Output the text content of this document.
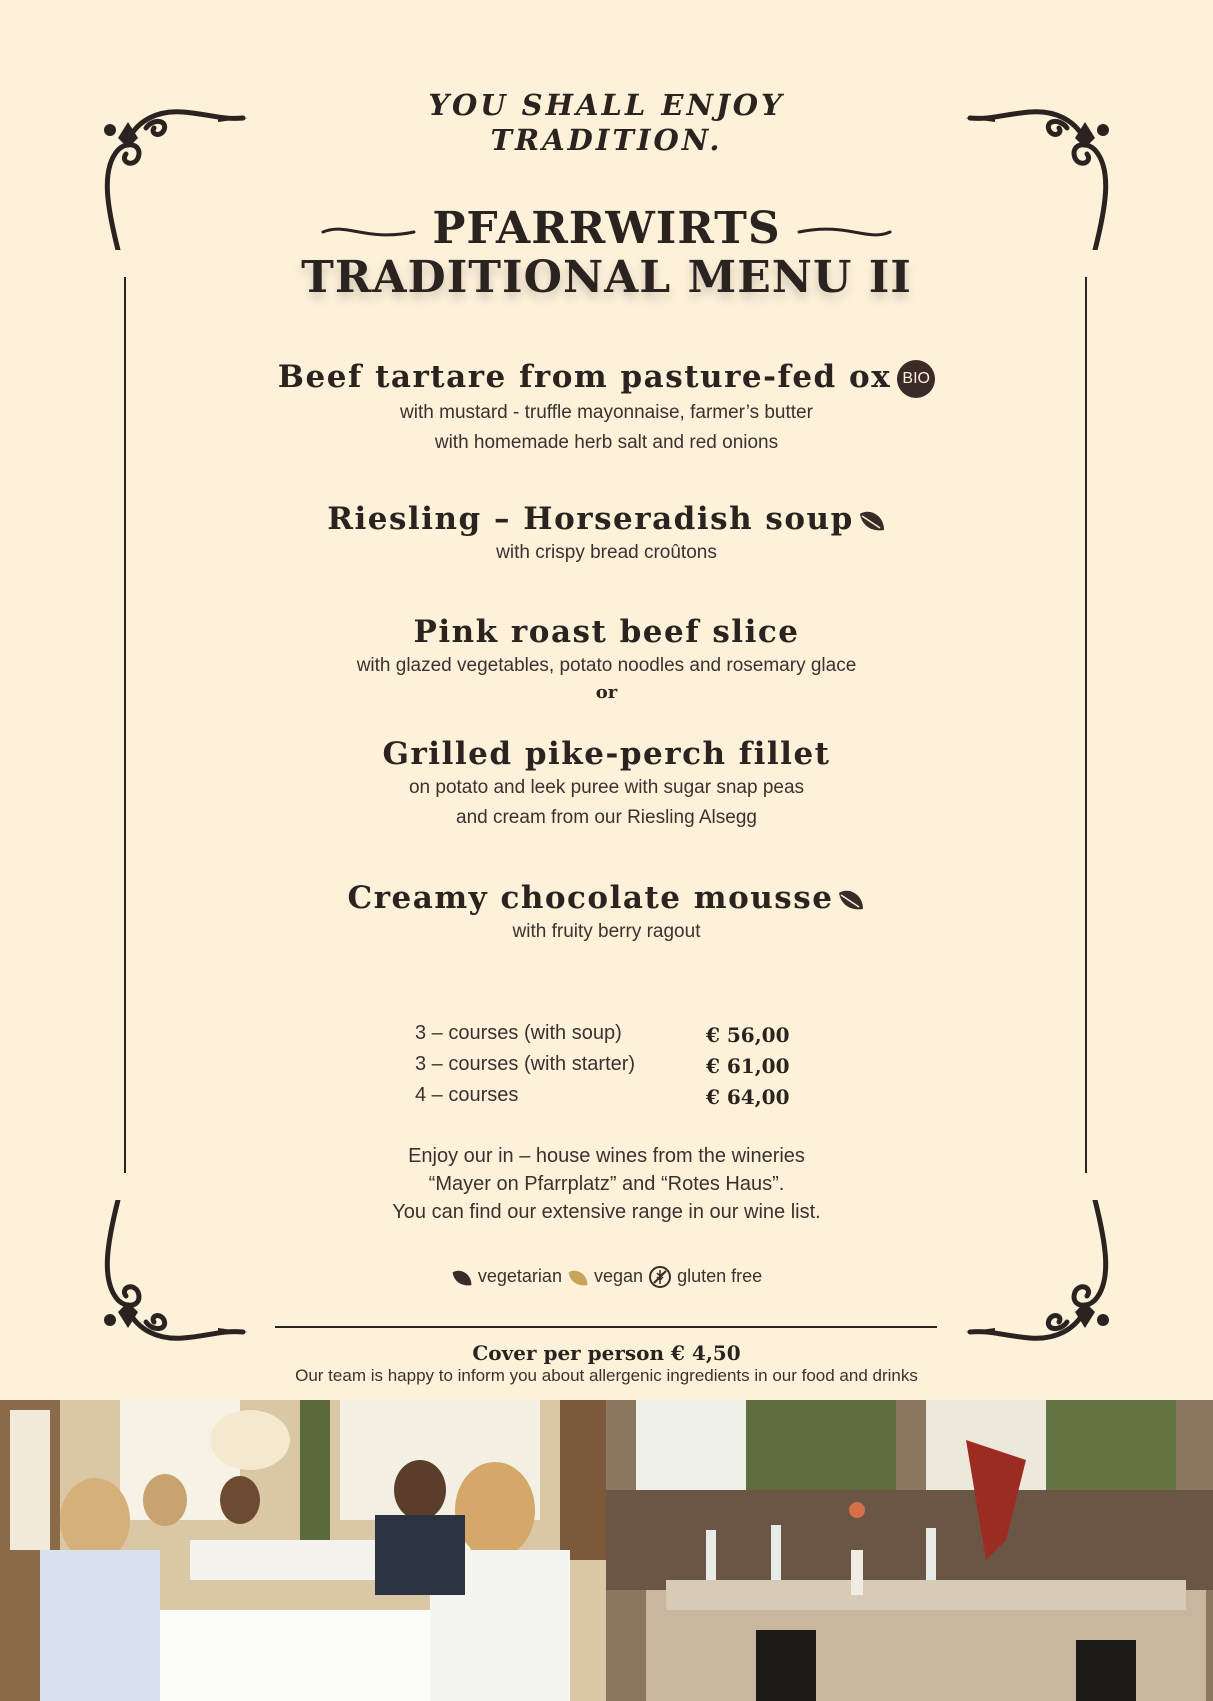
YOU SHALL ENJOY
TRADITION.
PFARRWIRTS
TRADITIONAL MENU II
Beef tartare from pasture-fed ox BIO
with mustard - truffle mayonnaise, farmer’s butter
with homemade herb salt and red onions
Riesling – Horseradish soup
with crispy bread croûtons
Pink roast beef slice
with glazed vegetables, potato noodles and rosemary glace
or
Grilled pike-perch fillet
on potato and leek puree with sugar snap peas
and cream from our Riesling Alsegg
Creamy chocolate mousse
with fruity berry ragout
3 – courses (with soup)	€ 56,00
3 – courses (with starter)	€ 61,00
4 – courses	€ 64,00
Enjoy our in – house wines from the wineries
“Mayer on Pfarrplatz” and “Rotes Haus”.
You can find our extensive range in our wine list.
vegetarian vegan gluten free
Cover per person € 4,50
Our team is happy to inform you about allergenic ingredients in our food and drinks
